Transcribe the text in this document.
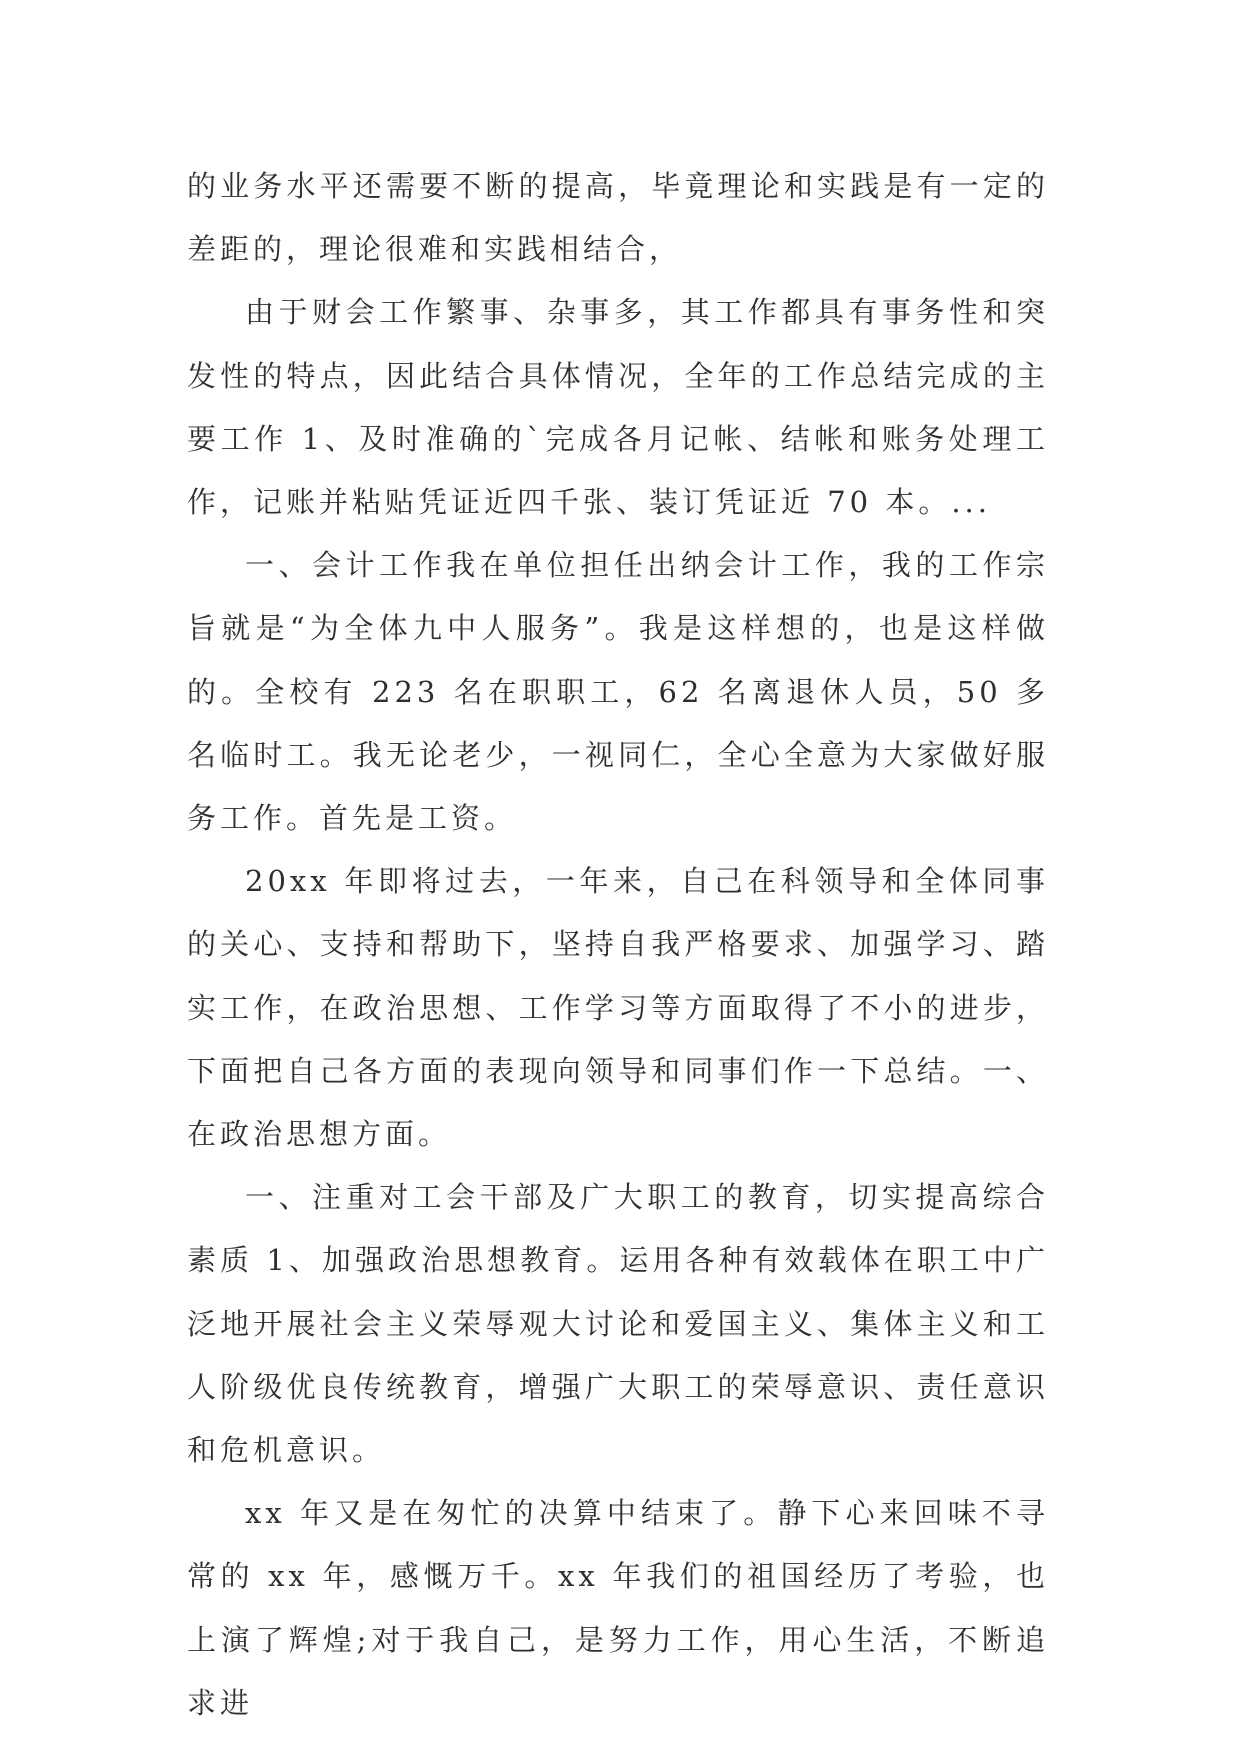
的业务水平还需要不断的提高，毕竟理论和实践是有一定的差距的，理论很难和实践相结合，

由于财会工作繁事、杂事多，其工作都具有事务性和突发性的特点，因此结合具体情况，全年的工作总结完成的主要工作 1、及时准确的`完成各月记帐、结帐和账务处理工作，记账并粘贴凭证近四千张、装订凭证近 70 本。...

一、会计工作我在单位担任出纳会计工作，我的工作宗旨就是“为全体九中人服务”。我是这样想的，也是这样做的。全校有 223 名在职职工，62 名离退休人员，50 多名临时工。我无论老少，一视同仁，全心全意为大家做好服务工作。首先是工资。

20xx 年即将过去，一年来，自己在科领导和全体同事的关心、支持和帮助下，坚持自我严格要求、加强学习、踏实工作，在政治思想、工作学习等方面取得了不小的进步，下面把自己各方面的表现向领导和同事们作一下总结。一、在政治思想方面。

一、注重对工会干部及广大职工的教育，切实提高综合素质 1、加强政治思想教育。运用各种有效载体在职工中广泛地开展社会主义荣辱观大讨论和爱国主义、集体主义和工人阶级优良传统教育，增强广大职工的荣辱意识、责任意识和危机意识。

xx 年又是在匆忙的决算中结束了。静下心来回味不寻常的 xx 年，感慨万千。xx 年我们的祖国经历了考验，也上演了辉煌;对于我自己，是努力工作，用心生活，不断追求进
